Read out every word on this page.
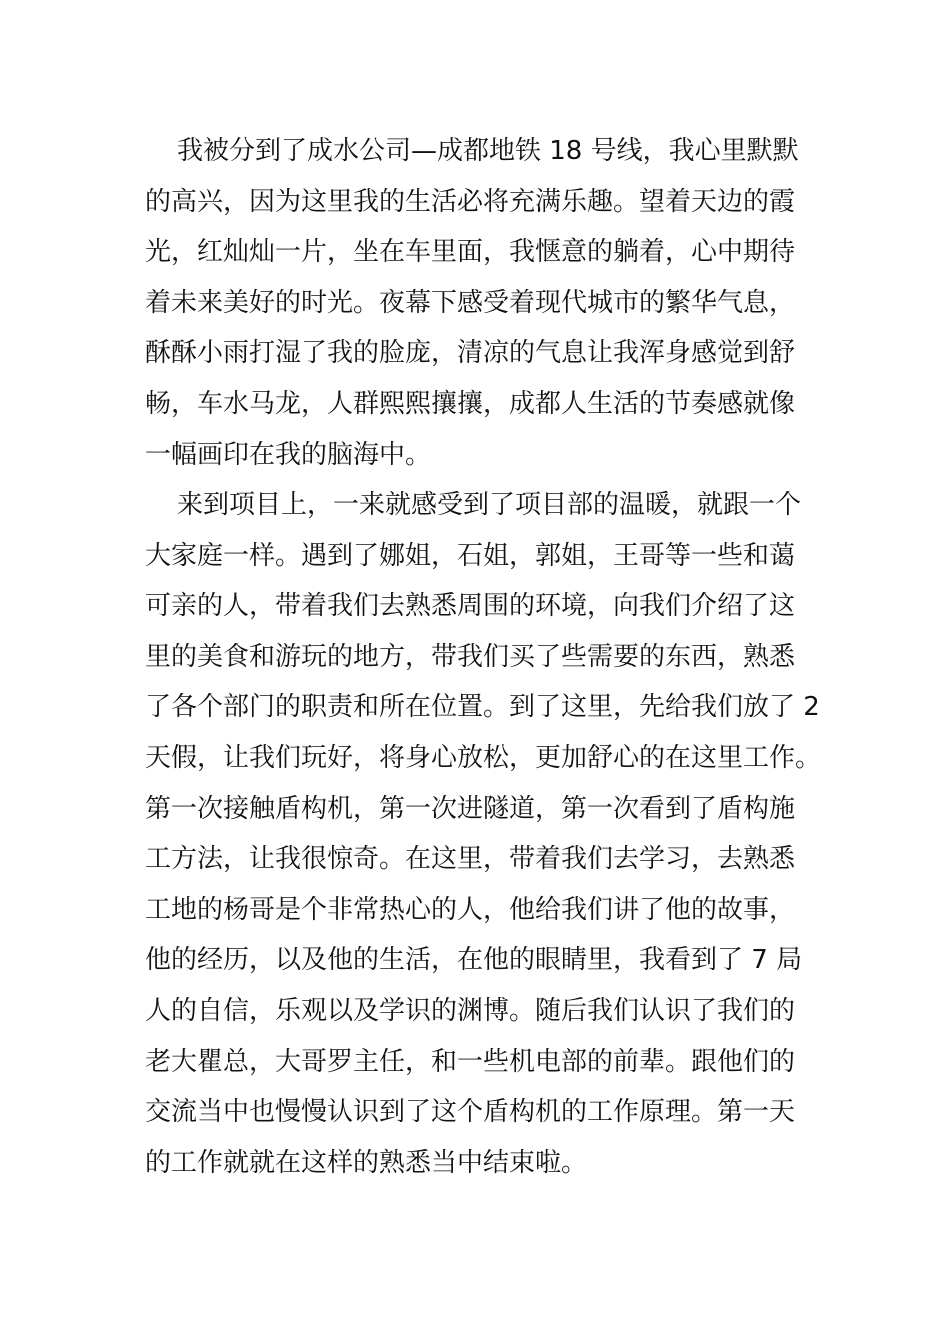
我被分到了成水公司—成都地铁 18 号线，我心里默默
的高兴，因为这里我的生活必将充满乐趣。望着天边的霞
光，红灿灿一片，坐在车里面，我惬意的躺着，心中期待
着未来美好的时光。夜幕下感受着现代城市的繁华气息，
酥酥小雨打湿了我的脸庞，清凉的气息让我浑身感觉到舒
畅，车水马龙，人群熙熙攘攘，成都人生活的节奏感就像
一幅画印在我的脑海中。
来到项目上，一来就感受到了项目部的温暖，就跟一个
大家庭一样。遇到了娜姐，石姐，郭姐，王哥等一些和蔼
可亲的人，带着我们去熟悉周围的环境，向我们介绍了这
里的美食和游玩的地方，带我们买了些需要的东西，熟悉
了各个部门的职责和所在位置。到了这里，先给我们放了 2
天假，让我们玩好，将身心放松，更加舒心的在这里工作。
第一次接触盾构机，第一次进隧道，第一次看到了盾构施
工方法，让我很惊奇。在这里，带着我们去学习，去熟悉
工地的杨哥是个非常热心的人，他给我们讲了他的故事，
他的经历，以及他的生活，在他的眼睛里，我看到了 7 局
人的自信，乐观以及学识的渊博。随后我们认识了我们的
老大瞿总，大哥罗主任，和一些机电部的前辈。跟他们的
交流当中也慢慢认识到了这个盾构机的工作原理。第一天
的工作就就在这样的熟悉当中结束啦。
